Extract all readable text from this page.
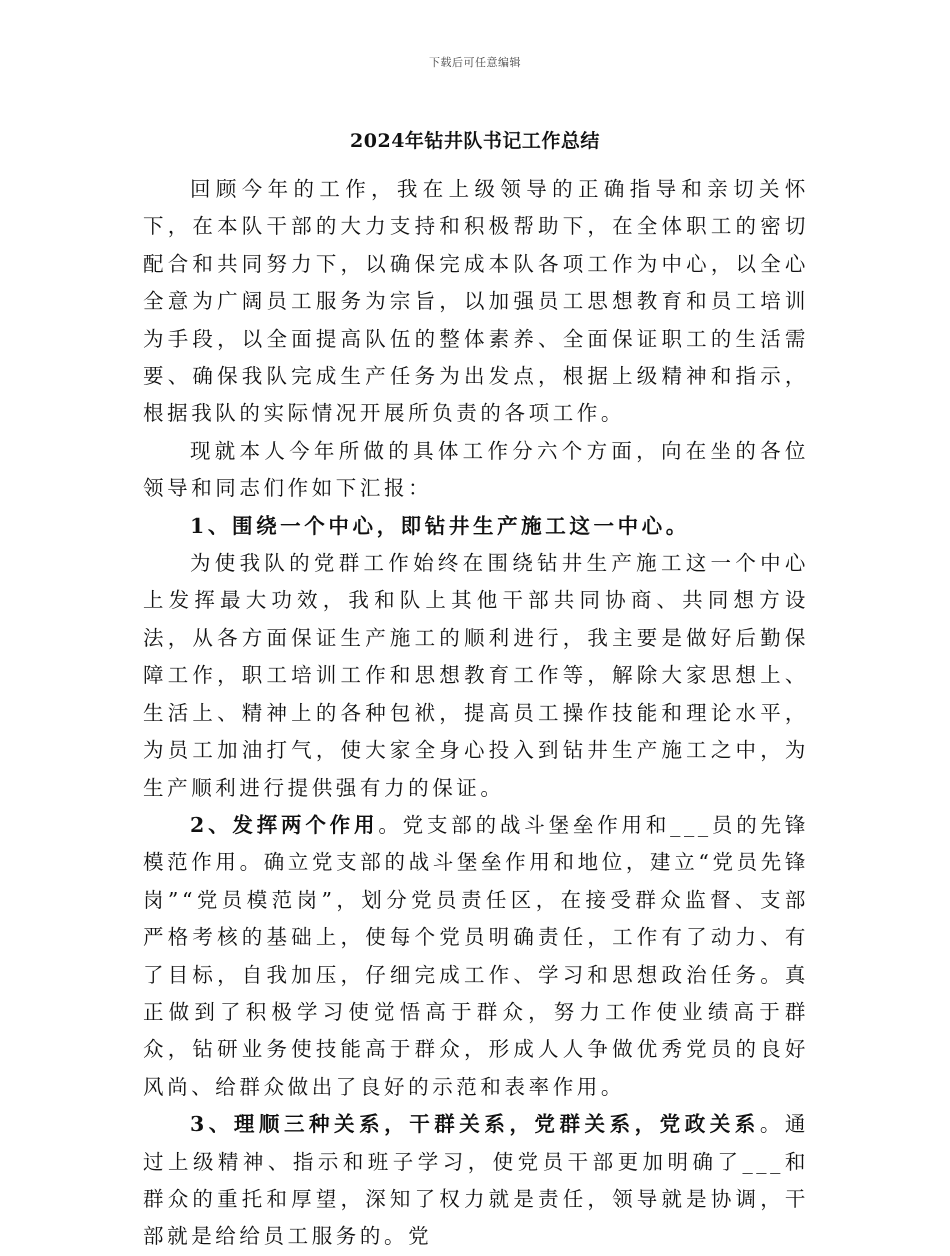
下载后可任意编辑
2024年钻井队书记工作总结

回顾今年的工作，我在上级领导的正确指导和亲切关怀下，在本队干部的大力支持和积极帮助下，在全体职工的密切配合和共同努力下，以确保完成本队各项工作为中心，以全心全意为广阔员工服务为宗旨，以加强员工思想教育和员工培训为手段，以全面提高队伍的整体素养、全面保证职工的生活需要、确保我队完成生产任务为出发点，根据上级精神和指示，根据我队的实际情况开展所负责的各项工作。

现就本人今年所做的具体工作分六个方面，向在坐的各位领导和同志们作如下汇报：

1、围绕一个中心，即钻井生产施工这一中心。

为使我队的党群工作始终在围绕钻井生产施工这一个中心上发挥最大功效，我和队上其他干部共同协商、共同想方设法，从各方面保证生产施工的顺利进行，我主要是做好后勤保障工作，职工培训工作和思想教育工作等，解除大家思想上、生活上、精神上的各种包袱，提高员工操作技能和理论水平，为员工加油打气，使大家全身心投入到钻井生产施工之中，为生产顺利进行提供强有力的保证。

2、发挥两个作用。党支部的战斗堡垒作用和___员的先锋模范作用。确立党支部的战斗堡垒作用和地位，建立“党员先锋岗”“党员模范岗”，划分党员责任区，在接受群众监督、支部严格考核的基础上，使每个党员明确责任，工作有了动力、有了目标，自我加压，仔细完成工作、学习和思想政治任务。真正做到了积极学习使觉悟高于群众，努力工作使业绩高于群众，钻研业务使技能高于群众，形成人人争做优秀党员的良好风尚、给群众做出了良好的示范和表率作用。

3、理顺三种关系，干群关系，党群关系，党政关系。通过上级精神、指示和班子学习，使党员干部更加明确了___和群众的重托和厚望，深知了权力就是责任，领导就是协调，干部就是给给员工服务的。党
